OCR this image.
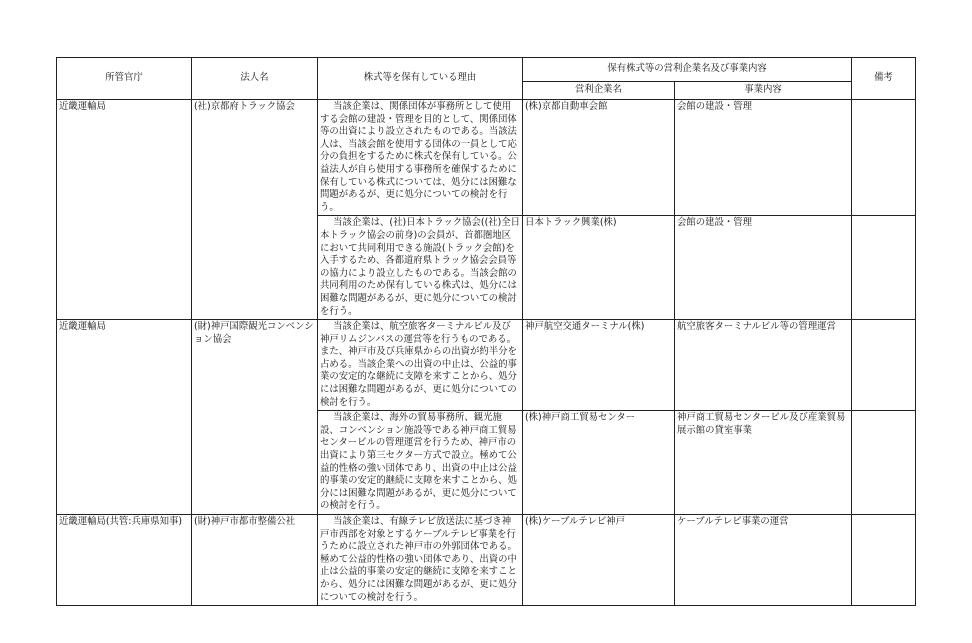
所管官庁	法人名	株式等を保有している理由	保有株式等の営利企業名及び事業内容		備考
			営利企業名	事業内容	
近畿運輸局	(社)京都府トラック協会	当該企業は、関係団体が事務所として使用する会館の建設・管理を目的として、関係団体等の出資により設立されたものである。当該法人は、当該会館を使用する団体の一員として応分の負担をするために株式を保有している。公益法人が自ら使用する事務所を確保するために保有している株式については、処分には困難な問題があるが、更に処分についての検討を行う。	(株)京都自動車会館	会館の建設・管理	
		当該企業は、(社)日本トラック協会((社)全日本トラック協会の前身)の会員が、首都圏地区において共同利用できる施設(トラック会館)を入手するため、各都道府県トラック協会会員等の協力により設立したものである。当該会館の共同利用のため保有している株式は、処分には困難な問題があるが、更に処分についての検討を行う。	日本トラック興業(株)	会館の建設・管理	
近畿運輸局	(財)神戸国際観光コンベンション協会	当該企業は、航空旅客ターミナルビル及び神戸リムジンバスの運営等を行うものである。また、神戸市及び兵庫県からの出資が約半分を占める。当該企業への出資の中止は、公益的事業の安定的な継続に支障を来すことから、処分には困難な問題があるが、更に処分についての検討を行う。	神戸航空交通ターミナル(株)	航空旅客ターミナルビル等の管理運営	
		当該企業は、海外の貿易事務所、観光施設、コンベンション施設等である神戸商工貿易センタービルの管理運営を行うため、神戸市の出資により第三セクター方式で設立。極めて公益的性格の強い団体であり、出資の中止は公益的事業の安定的継続に支障を来すことから、処分には困難な問題があるが、更に処分についての検討を行う。	(株)神戸商工貿易センター	神戸商工貿易センタービル及び産業貿易展示館の貸室事業	
近畿運輸局(共管:兵庫県知事)	(財)神戸市都市整備公社	当該企業は、有線テレビ放送法に基づき神戸市西部を対象とするケーブルテレビ事業を行うために設立された神戸市の外郭団体である。極めて公益的性格の強い団体であり、出資の中止は公益的事業の安定的継続に支障を来すことから、処分には困難な問題があるが、更に処分についての検討を行う。	(株)ケーブルテレビ神戸	ケーブルテレビ事業の運営	
